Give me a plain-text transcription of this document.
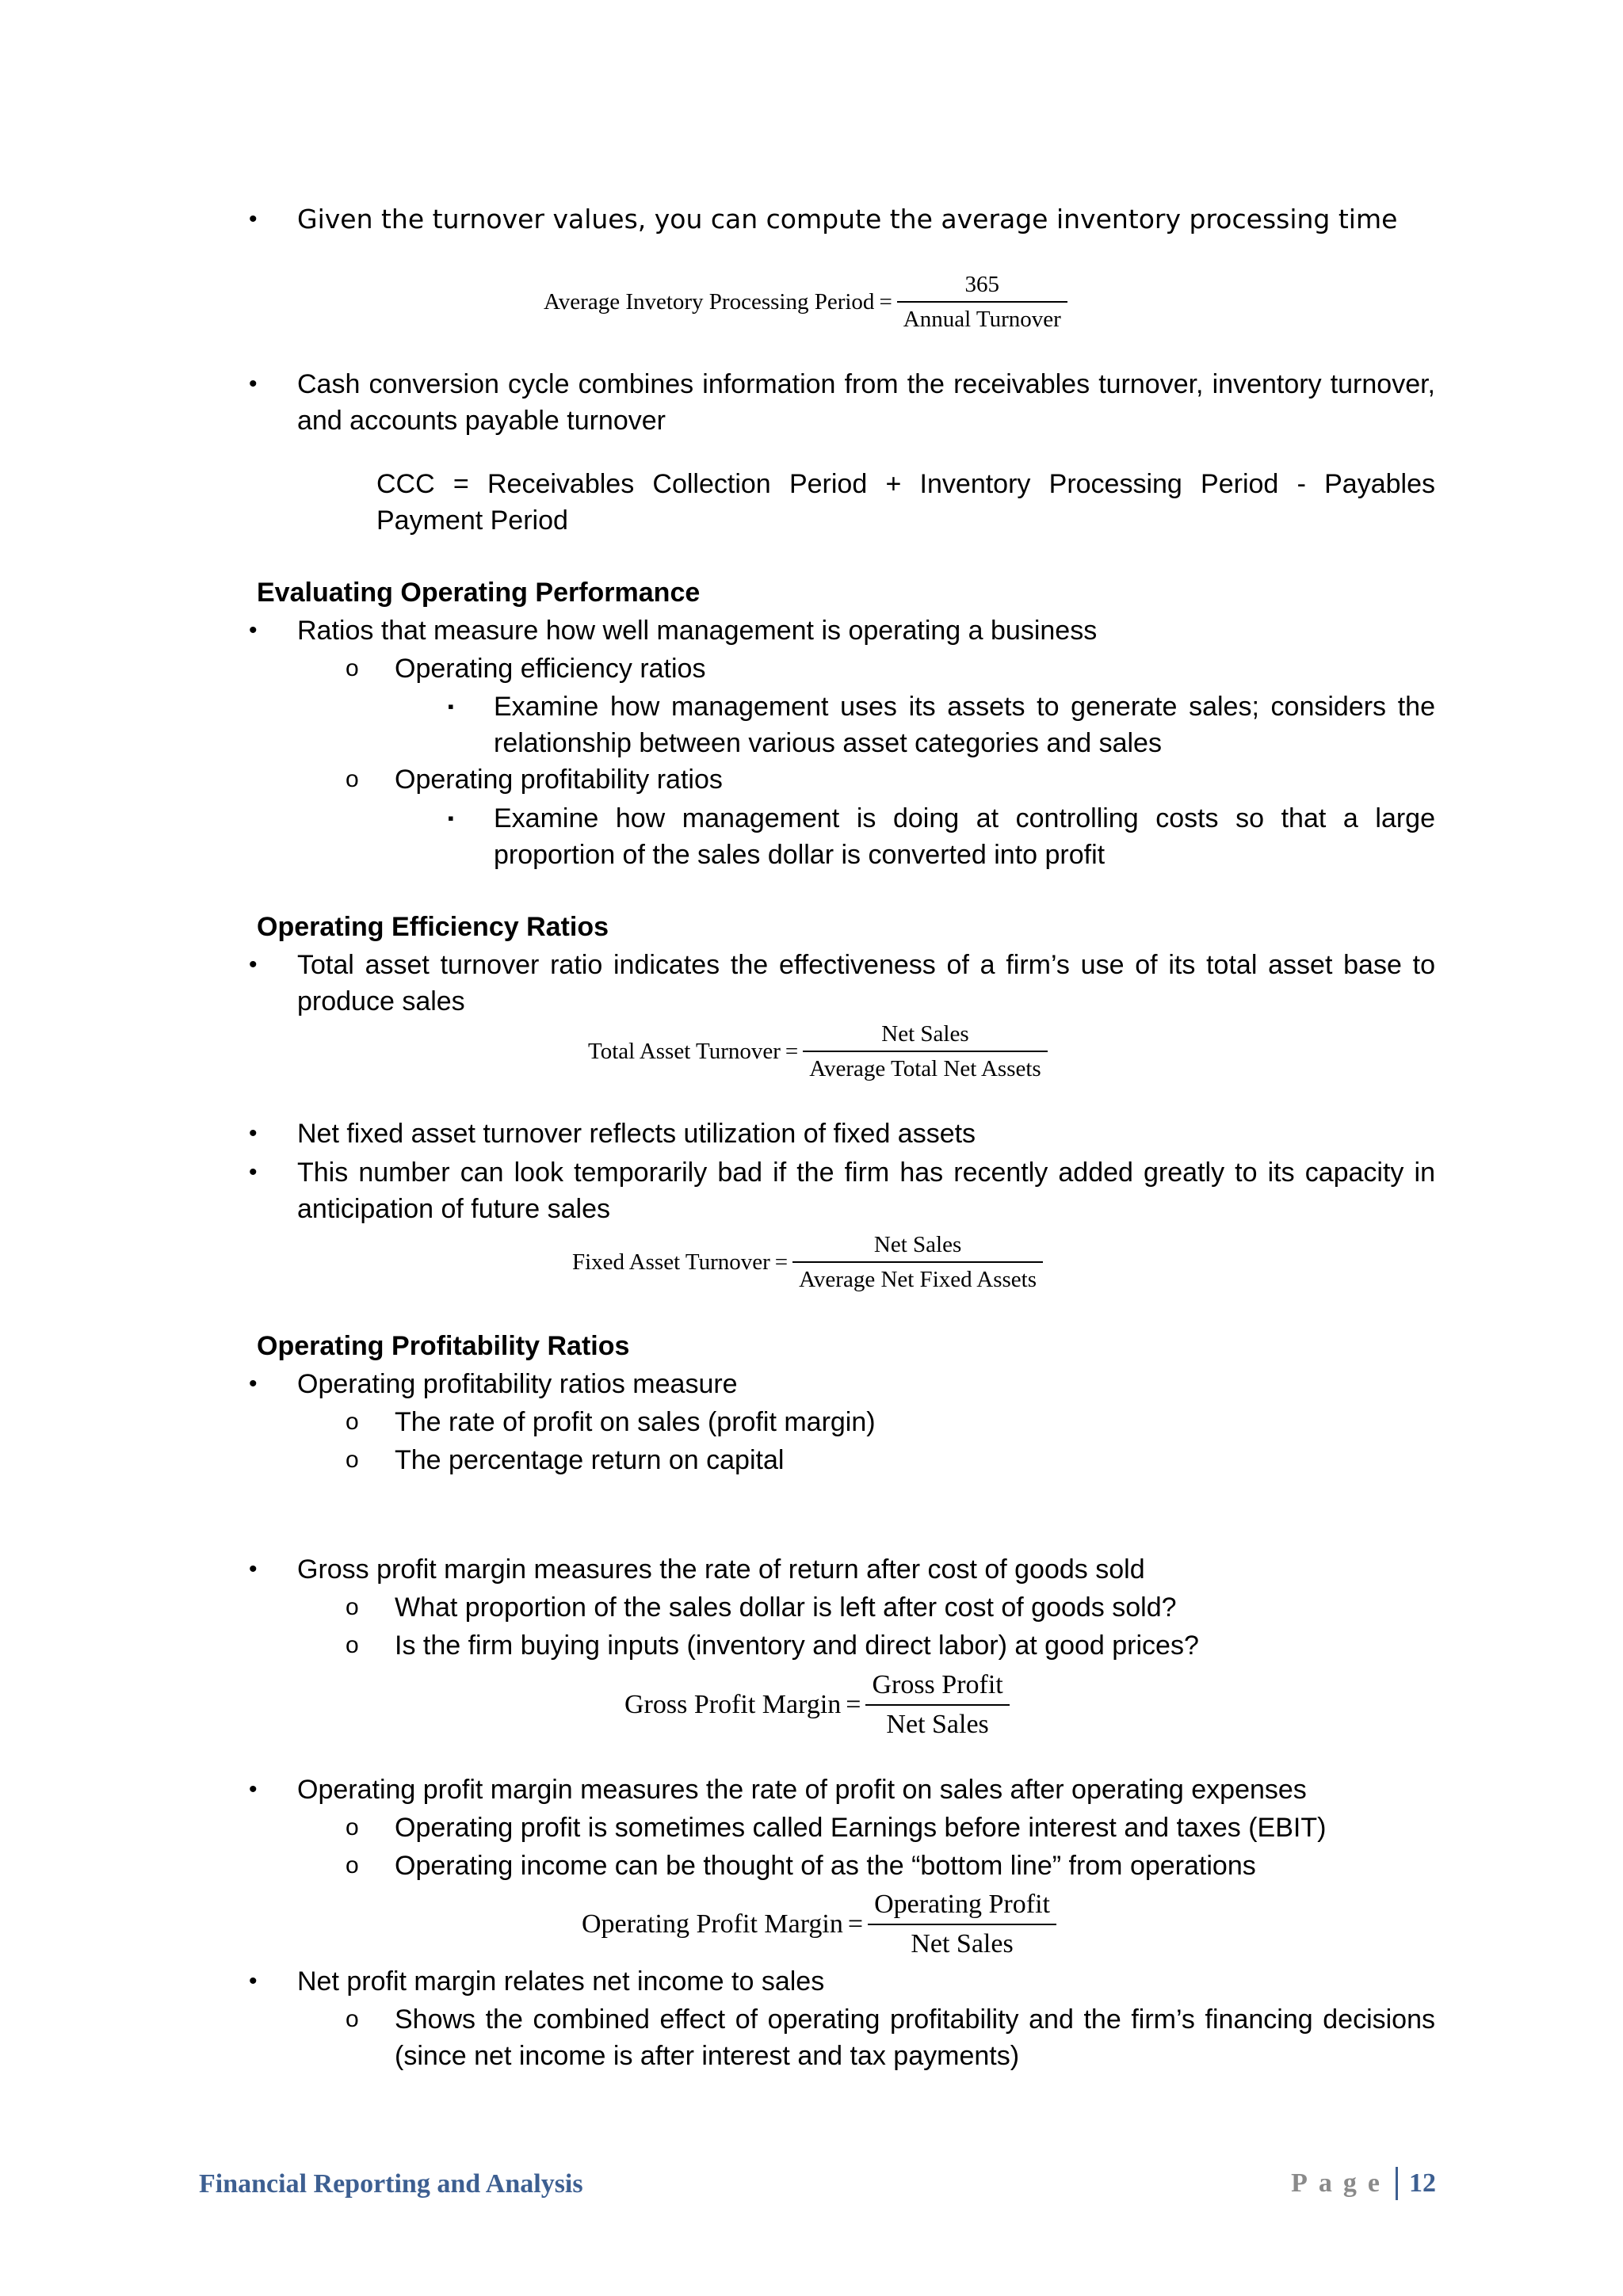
• Given the turnover values, you can compute the average inventory processing time
Average Invetory Processing Period = $\frac{365}{\text{Annual Turnover}}$
• Cash conversion cycle combines information from the receivables turnover, inventory turnover, and accounts payable turnover
CCC = Receivables Collection Period + Inventory Processing Period - Payables Payment Period
Evaluating Operating Performance
• Ratios that measure how well management is operating a business
o Operating efficiency ratios
▪ Examine how management uses its assets to generate sales; considers the relationship between various asset categories and sales
o Operating profitability ratios
▪ Examine how management is doing at controlling costs so that a large proportion of the sales dollar is converted into profit
Operating Efficiency Ratios
• Total asset turnover ratio indicates the effectiveness of a firm’s use of its total asset base to produce sales
Total Asset Turnover = $\frac{\text{Net Sales}}{\text{Average Total Net Assets}}$
• Net fixed asset turnover reflects utilization of fixed assets
• This number can look temporarily bad if the firm has recently added greatly to its capacity in anticipation of future sales
Fixed Asset Turnover = $\frac{\text{Net Sales}}{\text{Average Net Fixed Assets}}$
Operating Profitability Ratios
• Operating profitability ratios measure
o The rate of profit on sales (profit margin)
o The percentage return on capital
• Gross profit margin measures the rate of return after cost of goods sold
o What proportion of the sales dollar is left after cost of goods sold?
o Is the firm buying inputs (inventory and direct labor) at good prices?
Gross Profit Margin = $\frac{\text{Gross Profit}}{\text{Net Sales}}$
• Operating profit margin measures the rate of profit on sales after operating expenses
o Operating profit is sometimes called Earnings before interest and taxes (EBIT)
o Operating income can be thought of as the “bottom line” from operations
Operating Profit Margin = $\frac{\text{Operating Profit}}{\text{Net Sales}}$
• Net profit margin relates net income to sales
o Shows the combined effect of operating profitability and the firm’s financing decisions (since net income is after interest and tax payments)
Financial Reporting and Analysis	Page 12
